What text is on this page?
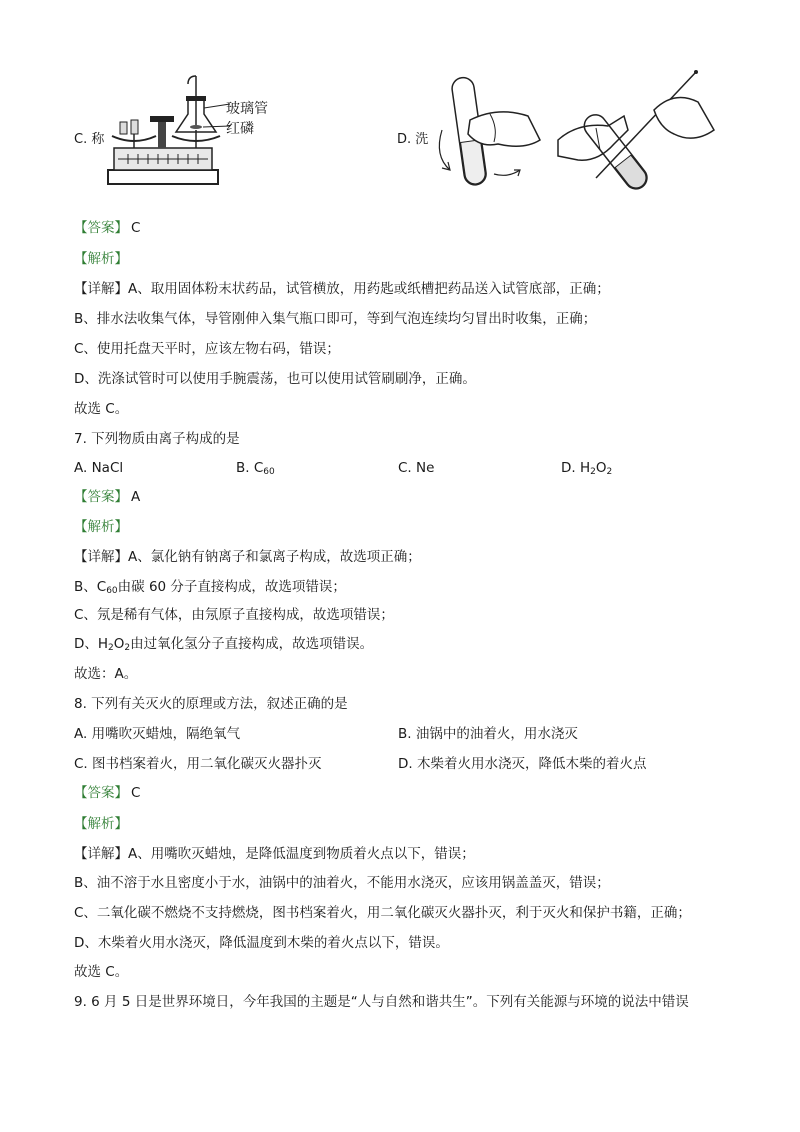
C. 称
玻璃管
红磷
D. 洗
【答案】 C
【解析】
【详解】A、取用固体粉末状药品，试管横放，用药匙或纸槽把药品送入试管底部，正确；
B、排水法收集气体，导管刚伸入集气瓶口即可，等到气泡连续均匀冒出时收集，正确；
C、使用托盘天平时，应该左物右码，错误；
D、洗涤试管时可以使用手腕震荡，也可以使用试管刷刷净，正确。
故选 C。
7. 下列物质由离子构成的是
A. NaCl	B. $C_{60}$	C. Ne	D. $H_2O_2$
【答案】 A
【解析】
【详解】A、氯化钠有钠离子和氯离子构成，故选项正确；
B、$C_{60}$由碳 60 分子直接构成，故选项错误；
C、氖是稀有气体，由氖原子直接构成，故选项错误；
D、$H_2O_2$由过氧化氢分子直接构成，故选项错误。
故选：A。
8. 下列有关灭火的原理或方法，叙述正确的是
A. 用嘴吹灭蜡烛，隔绝氧气	B. 油锅中的油着火，用水浇灭
C. 图书档案着火，用二氧化碳灭火器扑灭	D. 木柴着火用水浇灭，降低木柴的着火点
【答案】 C
【解析】
【详解】A、用嘴吹灭蜡烛，是降低温度到物质着火点以下，错误；
B、油不溶于水且密度小于水，油锅中的油着火，不能用水浇灭，应该用锅盖盖灭，错误；
C、二氧化碳不燃烧不支持燃烧，图书档案着火，用二氧化碳灭火器扑灭，利于灭火和保护书籍，正确；
D、木柴着火用水浇灭，降低温度到木柴的着火点以下，错误。
故选 C。
9. 6 月 5 日是世界环境日，今年我国的主题是“人与自然和谐共生”。下列有关能源与环境的说法中错误
